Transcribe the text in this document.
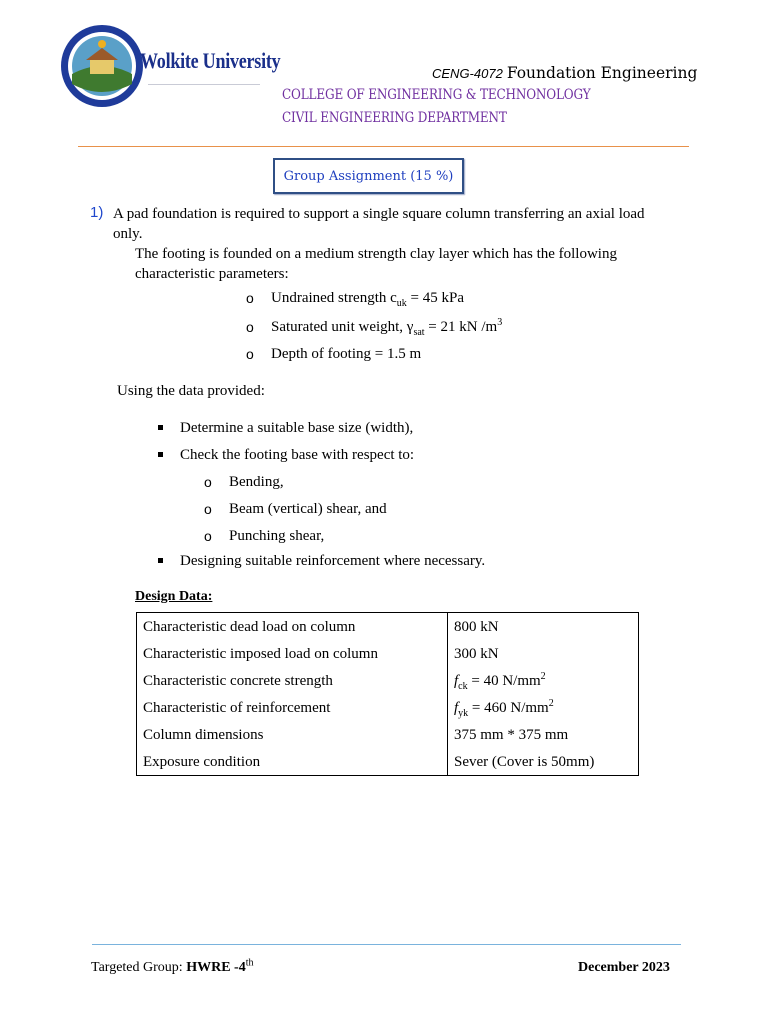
Wolkite University
CENG-4072 Foundation Engineering
COLLEGE OF ENGINEERING & TECHNONOLOGY
CIVIL ENGINEERING DEPARTMENT
Group Assignment (15 %)
1) A pad foundation is required to support a single square column transferring an axial load
only.
The footing is founded on a medium strength clay layer which has the following
characteristic parameters:
o Undrained strength $c_{uk} = 45$ kPa
o Saturated unit weight, $\gamma_{sat} = 21$ kN $/m^3$
o Depth of footing = 1.5 m
Using the data provided:
Determine a suitable base size (width),
Check the footing base with respect to:
o Bending,
o Beam (vertical) shear, and
o Punching shear,
Designing suitable reinforcement where necessary.
Design Data:
Characteristic dead load on column	800 kN
Characteristic imposed load on column	300 kN
Characteristic concrete strength	$f_{ck} = 40$ $N/mm^2$
Characteristic of reinforcement	$f_{yk} = 460$ $N/mm^2$
Column dimensions	375 mm * 375 mm
Exposure condition	Sever (Cover is 50mm)
Targeted Group: HWRE -4th	December 2023
